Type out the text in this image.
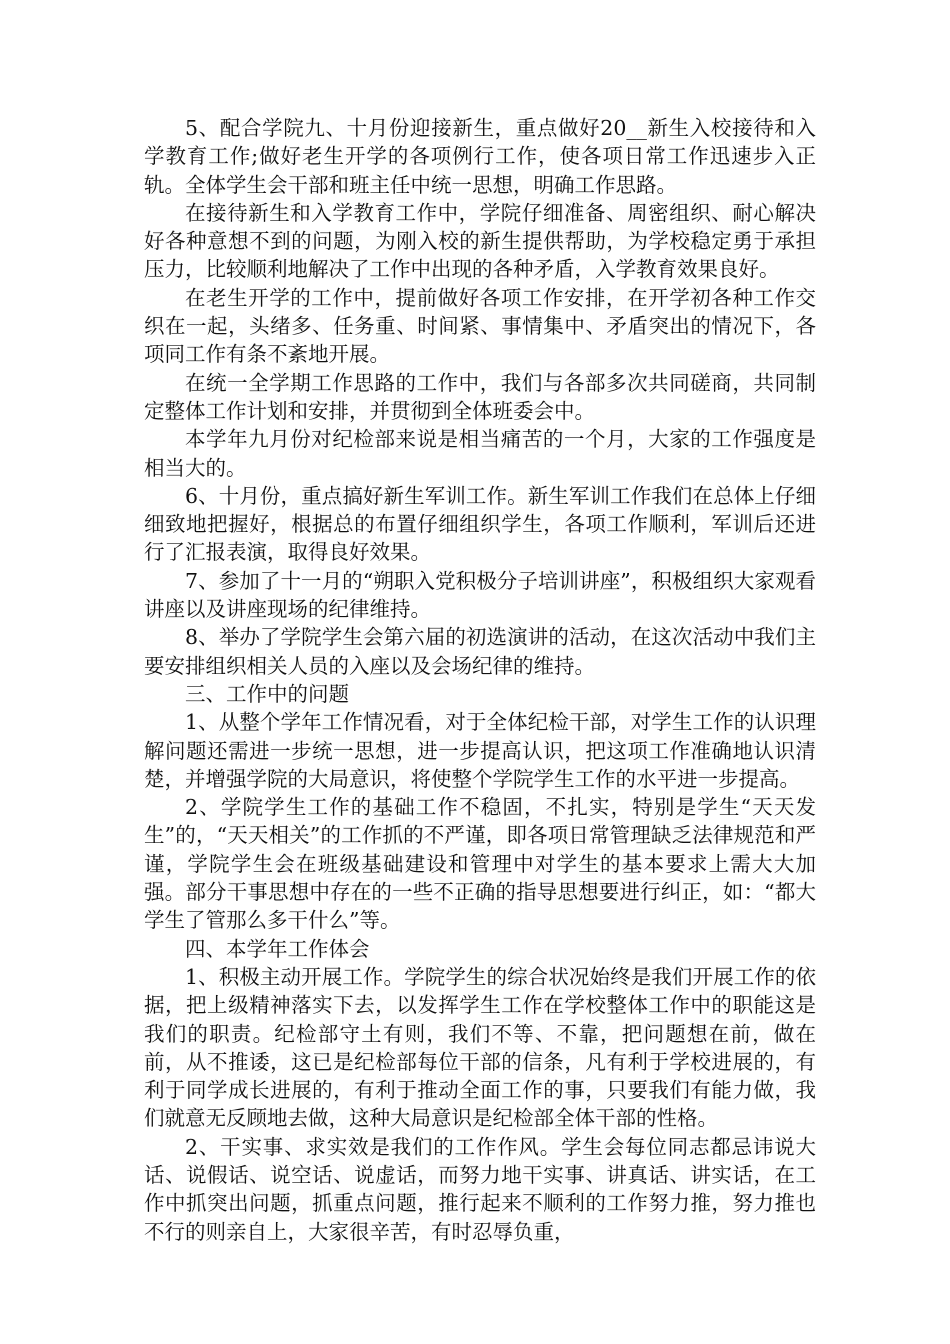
5、配合学院九、十月份迎接新生，重点做好20__新生入校接待和入学教育工作;做好老生开学的各项例行工作，使各项日常工作迅速步入正轨。全体学生会干部和班主任中统一思想，明确工作思路。

在接待新生和入学教育工作中，学院仔细准备、周密组织、耐心解决好各种意想不到的问题，为刚入校的新生提供帮助，为学校稳定勇于承担压力，比较顺利地解决了工作中出现的各种矛盾，入学教育效果良好。

在老生开学的工作中，提前做好各项工作安排，在开学初各种工作交织在一起，头绪多、任务重、时间紧、事情集中、矛盾突出的情况下，各项同工作有条不紊地开展。

在统一全学期工作思路的工作中，我们与各部多次共同磋商，共同制定整体工作计划和安排，并贯彻到全体班委会中。

本学年九月份对纪检部来说是相当痛苦的一个月，大家的工作强度是相当大的。

6、十月份，重点搞好新生军训工作。新生军训工作我们在总体上仔细细致地把握好，根据总的布置仔细组织学生，各项工作顺利，军训后还进行了汇报表演，取得良好效果。

7、参加了十一月的“朔职入党积极分子培训讲座”，积极组织大家观看讲座以及讲座现场的纪律维持。

8、举办了学院学生会第六届的初选演讲的活动，在这次活动中我们主要安排组织相关人员的入座以及会场纪律的维持。

三、工作中的问题

1、从整个学年工作情况看，对于全体纪检干部，对学生工作的认识理解问题还需进一步统一思想，进一步提高认识，把这项工作准确地认识清楚，并增强学院的大局意识，将使整个学院学生工作的水平进一步提高。

2、学院学生工作的基础工作不稳固，不扎实，特别是学生“天天发生”的，“天天相关”的工作抓的不严谨，即各项日常管理缺乏法律规范和严谨，学院学生会在班级基础建设和管理中对学生的基本要求上需大大加强。部分干事思想中存在的一些不正确的指导思想要进行纠正，如：“都大学生了管那么多干什么”等。

四、本学年工作体会

1、积极主动开展工作。学院学生的综合状况始终是我们开展工作的依据，把上级精神落实下去，以发挥学生工作在学校整体工作中的职能这是我们的职责。纪检部守土有则，我们不等、不靠，把问题想在前，做在前，从不推诿，这已是纪检部每位干部的信条，凡有利于学校进展的，有利于同学成长进展的，有利于推动全面工作的事，只要我们有能力做，我们就意无反顾地去做，这种大局意识是纪检部全体干部的性格。

2、干实事、求实效是我们的工作作风。学生会每位同志都忌讳说大话、说假话、说空话、说虚话，而努力地干实事、讲真话、讲实话，在工作中抓突出问题，抓重点问题，推行起来不顺利的工作努力推，努力推也不行的则亲自上，大家很辛苦，有时忍辱负重，
